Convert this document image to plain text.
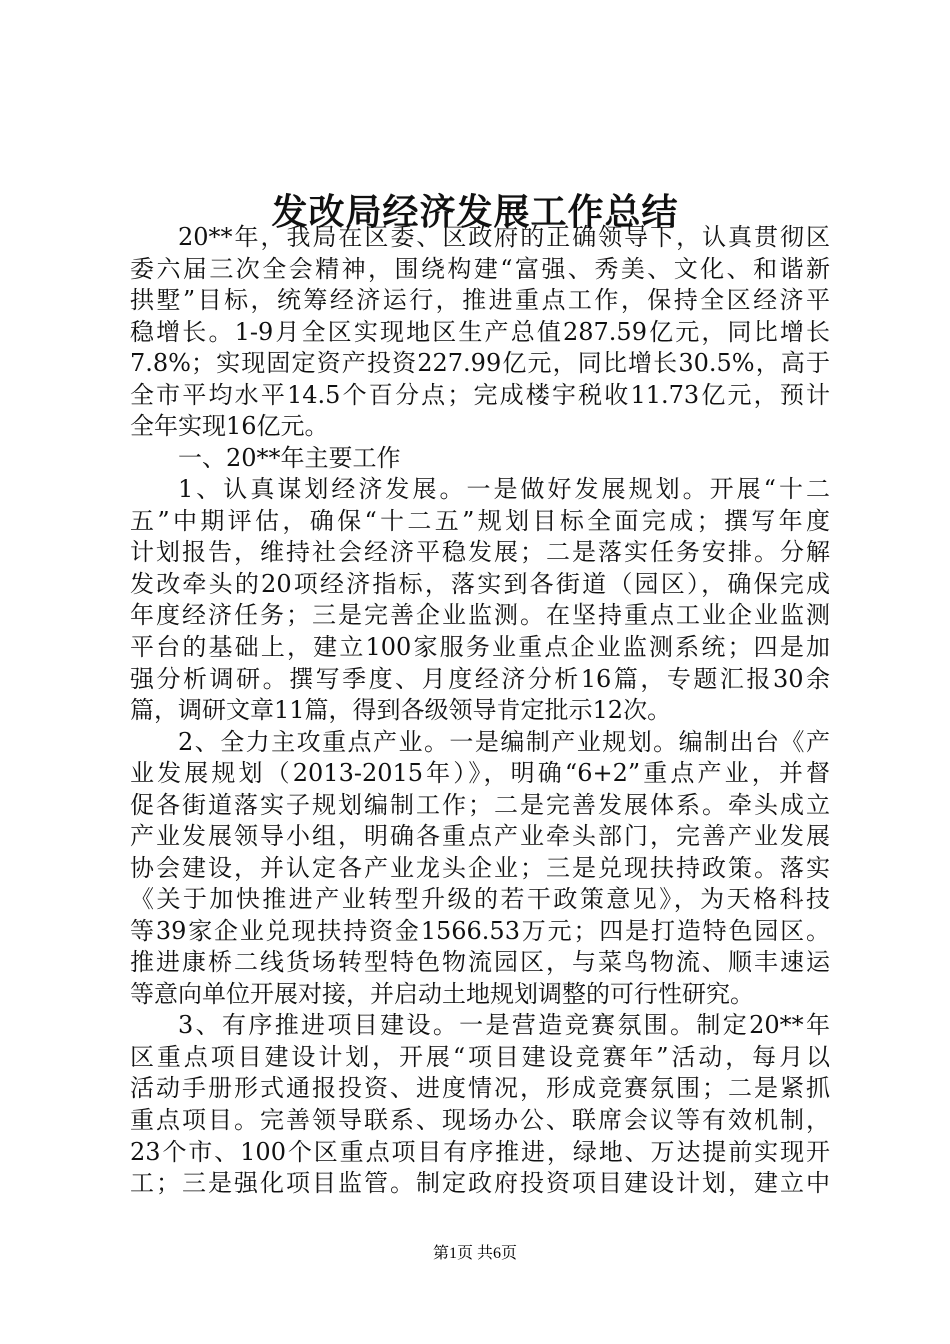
发改局经济发展工作总结
20**年，我局在区委、区政府的正确领导下，认真贯彻区
委六届三次全会精神，围绕构建“富强、秀美、文化、和谐新
拱墅”目标，统筹经济运行，推进重点工作，保持全区经济平
稳增长。1-9月全区实现地区生产总值287.59亿元，同比增长
7.8%；实现固定资产投资227.99亿元，同比增长30.5%，高于
全市平均水平14.5个百分点；完成楼宇税收11.73亿元，预计
全年实现16亿元。
一、20**年主要工作
1、认真谋划经济发展。一是做好发展规划。开展“十二
五”中期评估，确保“十二五”规划目标全面完成；撰写年度
计划报告，维持社会经济平稳发展；二是落实任务安排。分解
发改牵头的20项经济指标，落实到各街道（园区），确保完成
年度经济任务；三是完善企业监测。在坚持重点工业企业监测
平台的基础上，建立100家服务业重点企业监测系统；四是加
强分析调研。撰写季度、月度经济分析16篇，专题汇报30余
篇，调研文章11篇，得到各级领导肯定批示12次。
2、全力主攻重点产业。一是编制产业规划。编制出台《产
业发展规划（2013-2015年）》，明确“6+2”重点产业，并督
促各街道落实子规划编制工作；二是完善发展体系。牵头成立
产业发展领导小组，明确各重点产业牵头部门，完善产业发展
协会建设，并认定各产业龙头企业；三是兑现扶持政策。落实
《关于加快推进产业转型升级的若干政策意见》，为天格科技
等39家企业兑现扶持资金1566.53万元；四是打造特色园区。
推进康桥二线货场转型特色物流园区，与菜鸟物流、顺丰速运
等意向单位开展对接，并启动土地规划调整的可行性研究。
3、有序推进项目建设。一是营造竞赛氛围。制定20**年
区重点项目建设计划，开展“项目建设竞赛年”活动，每月以
活动手册形式通报投资、进度情况，形成竞赛氛围；二是紧抓
重点项目。完善领导联系、现场办公、联席会议等有效机制，
23个市、100个区重点项目有序推进，绿地、万达提前实现开
工；三是强化项目监管。制定政府投资项目建设计划，建立中
第1页 共6页
